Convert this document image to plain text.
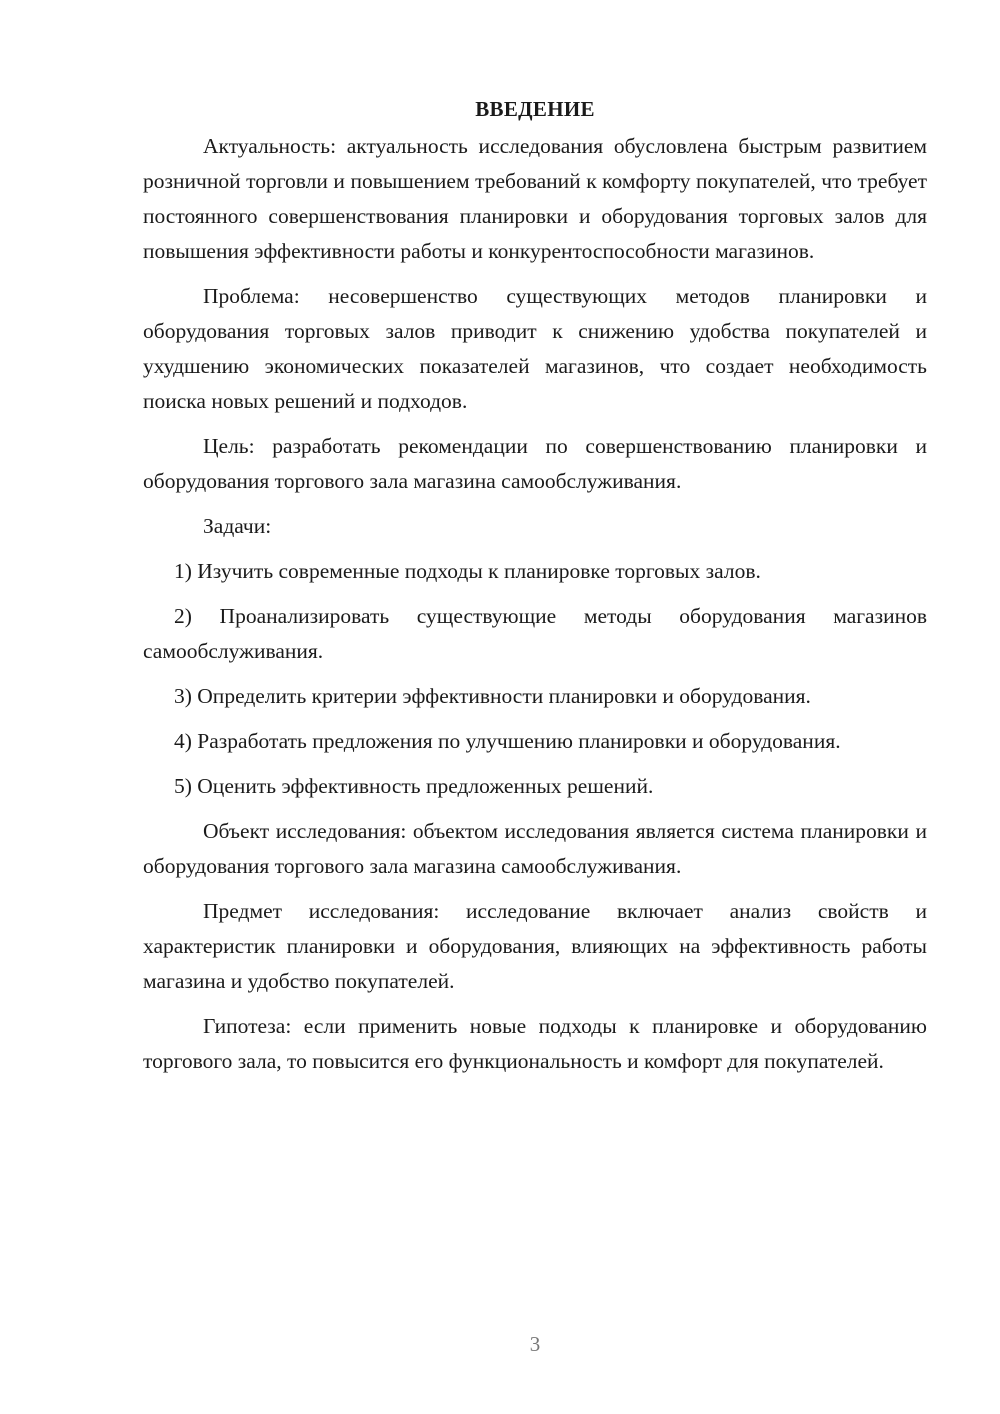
ВВЕДЕНИЕ

Актуальность: актуальность исследования обусловлена быстрым развитием розничной торговли и повышением требований к комфорту покупателей, что требует постоянного совершенствования планировки и оборудования торговых залов для повышения эффективности работы и конкурентоспособности магазинов.

Проблема: несовершенство существующих методов планировки и оборудования торговых залов приводит к снижению удобства покупателей и ухудшению экономических показателей магазинов, что создает необходимость поиска новых решений и подходов.

Цель: разработать рекомендации по совершенствованию планировки и оборудования торгового зала магазина самообслуживания.

Задачи:

1) Изучить современные подходы к планировке торговых залов.

2) Проанализировать существующие методы оборудования магазинов самообслуживания.

3) Определить критерии эффективности планировки и оборудования.

4) Разработать предложения по улучшению планировки и оборудования.

5) Оценить эффективность предложенных решений.

Объект исследования: объектом исследования является система планировки и оборудования торгового зала магазина самообслуживания.

Предмет исследования: исследование включает анализ свойств и характеристик планировки и оборудования, влияющих на эффективность работы магазина и удобство покупателей.

Гипотеза: если применить новые подходы к планировке и оборудованию торгового зала, то повысится его функциональность и комфорт для покупателей.

3
